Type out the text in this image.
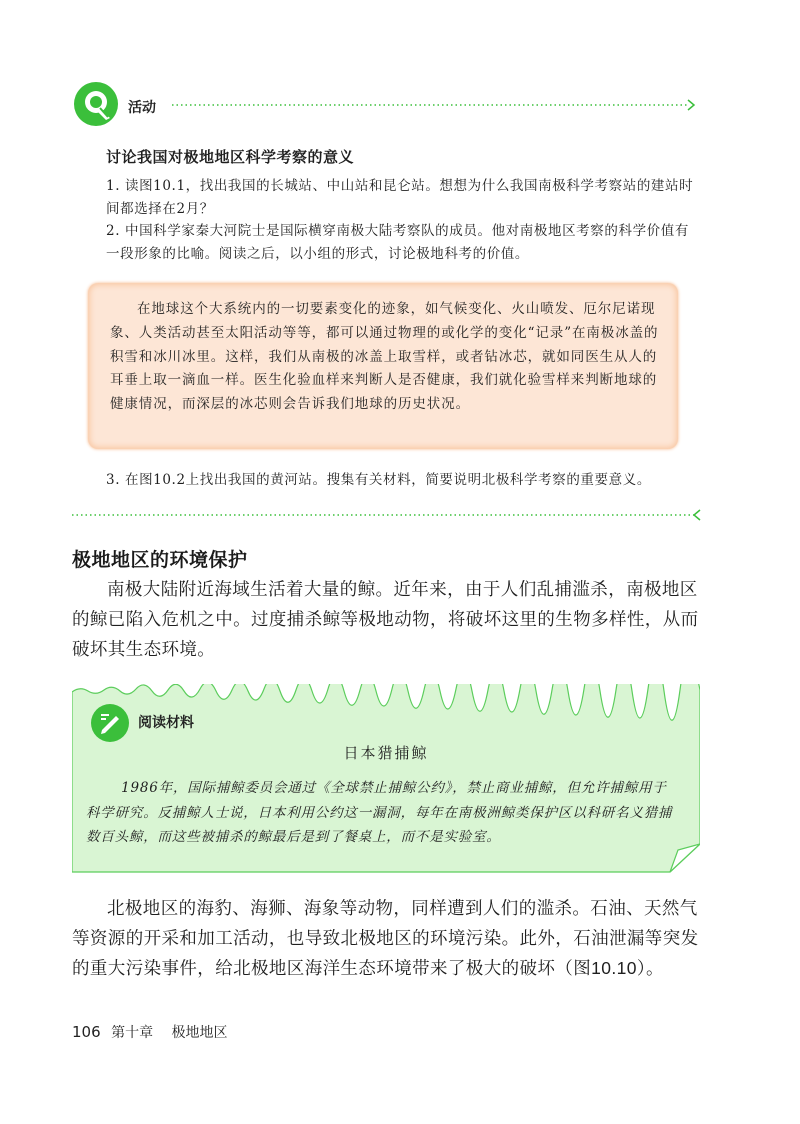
活动
讨论我国对极地地区科学考察的意义
1. 读图10.1，找出我国的长城站、中山站和昆仑站。想想为什么我国南极科学考察站的建站时间都选择在2月？
2. 中国科学家秦大河院士是国际横穿南极大陆考察队的成员。他对南极地区考察的科学价值有一段形象的比喻。阅读之后，以小组的形式，讨论极地科考的价值。
在地球这个大系统内的一切要素变化的迹象，如气候变化、火山喷发、厄尔尼诺现象、人类活动甚至太阳活动等等，都可以通过物理的或化学的变化“记录”在南极冰盖的积雪和冰川冰里。这样，我们从南极的冰盖上取雪样，或者钻冰芯，就如同医生从人的耳垂上取一滴血一样。医生化验血样来判断人是否健康，我们就化验雪样来判断地球的健康情况，而深层的冰芯则会告诉我们地球的历史状况。
3. 在图10.2上找出我国的黄河站。搜集有关材料，简要说明北极科学考察的重要意义。
极地地区的环境保护
南极大陆附近海域生活着大量的鲸。近年来，由于人们乱捕滥杀，南极地区的鲸已陷入危机之中。过度捕杀鲸等极地动物，将破坏这里的生物多样性，从而破坏其生态环境。
阅读材料
日本猎捕鲸
1986年，国际捕鲸委员会通过《全球禁止捕鲸公约》，禁止商业捕鲸，但允许捕鲸用于科学研究。反捕鲸人士说，日本利用公约这一漏洞，每年在南极洲鲸类保护区以科研名义猎捕数百头鲸，而这些被捕杀的鲸最后是到了餐桌上，而不是实验室。
北极地区的海豹、海狮、海象等动物，同样遭到人们的滥杀。石油、天然气等资源的开采和加工活动，也导致北极地区的环境污染。此外，石油泄漏等突发的重大污染事件，给北极地区海洋生态环境带来了极大的破坏（图10.10）。
106 第十章 极地地区
